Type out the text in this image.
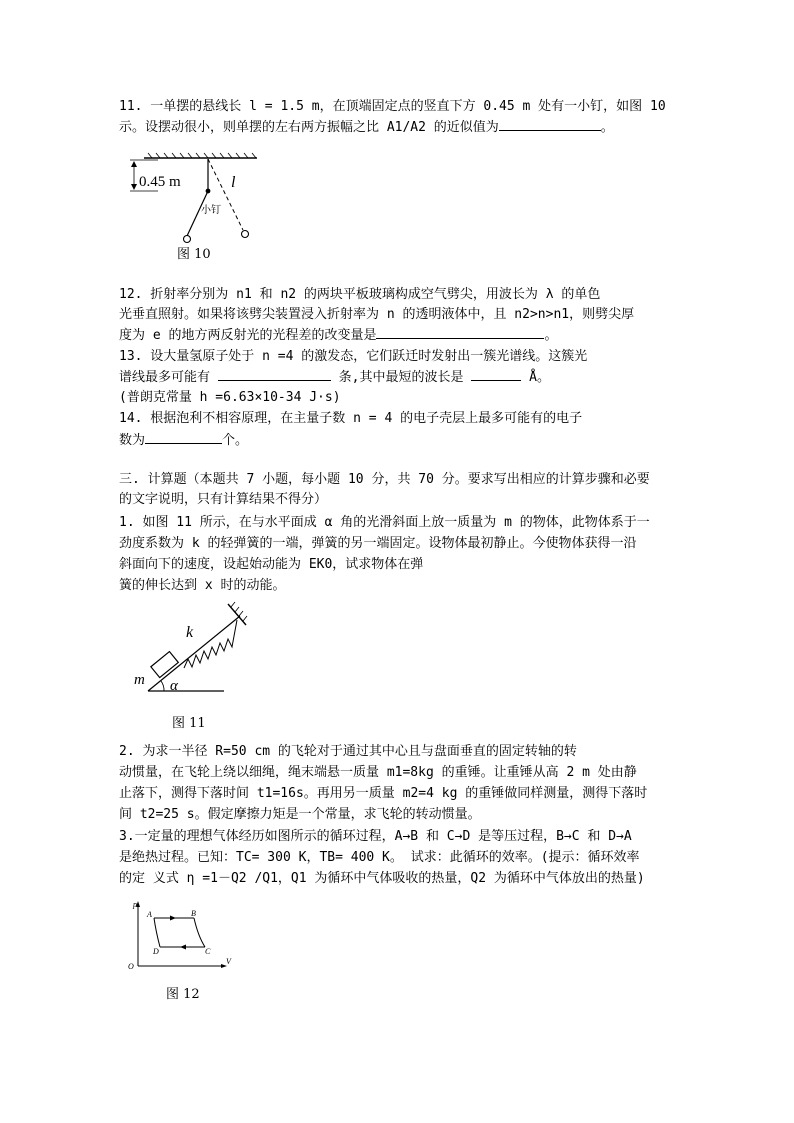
11. 一单摆的悬线长 l = 1.5 m，在顶端固定点的竖直下方 0.45 m 处有一小钉，如图 10
示。设摆动很小，则单摆的左右两方振幅之比 A1/A2 的近似值为	。
0.45 m	l
小钉
图 10
12. 折射率分别为 n1 和 n2 的两块平板玻璃构成空气劈尖，用波长为 λ 的单色
光垂直照射。如果将该劈尖装置浸入折射率为 n 的透明液体中，且 n2>n>n1，则劈尖厚
度为 e 的地方两反射光的光程差的改变量是	。
13. 设大量氢原子处于 n =4 的激发态，它们跃迁时发射出一簇光谱线。这簇光
谱线最多可能有	条,其中最短的波长是	Å。
(普朗克常量 h =6.63×10-34 J·s)
14. 根据泡利不相容原理，在主量子数 n = 4 的电子壳层上最多可能有的电子
数为	个。
三. 计算题（本题共 7 小题，每小题 10 分，共 70 分。要求写出相应的计算步骤和必要
的文字说明，只有计算结果不得分）
1. 如图 11 所示，在与水平面成 α 角的光滑斜面上放一质量为 m 的物体，此物体系于一
劲度系数为 k 的轻弹簧的一端，弹簧的另一端固定。设物体最初静止。今使物体获得一沿
斜面向下的速度，设起始动能为 EK0，试求物体在弹
簧的伸长达到 x 时的动能。
k
m α
图 11
2. 为求一半径 R=50 cm 的飞轮对于通过其中心且与盘面垂直的固定转轴的转
动惯量，在飞轮上绕以细绳，绳末端悬一质量 m1=8kg 的重锤。让重锤从高 2 m 处由静
止落下，测得下落时间 t1=16s。再用另一质量 m2=4 kg 的重锤做同样测量，测得下落时
间 t2=25 s。假定摩擦力矩是一个常量，求飞轮的转动惯量。
3.一定量的理想气体经历如图所示的循环过程，A→B 和 C→D 是等压过程，B→C 和 D→A
是绝热过程。已知：TC= 300 K，TB= 400 K。 试求：此循环的效率。(提示：循环效率
的定 义式 η =1－Q2 /Q1，Q1 为循环中气体吸收的热量，Q2 为循环中气体放出的热量)
p
V
O
A	B
C
D
图 12
